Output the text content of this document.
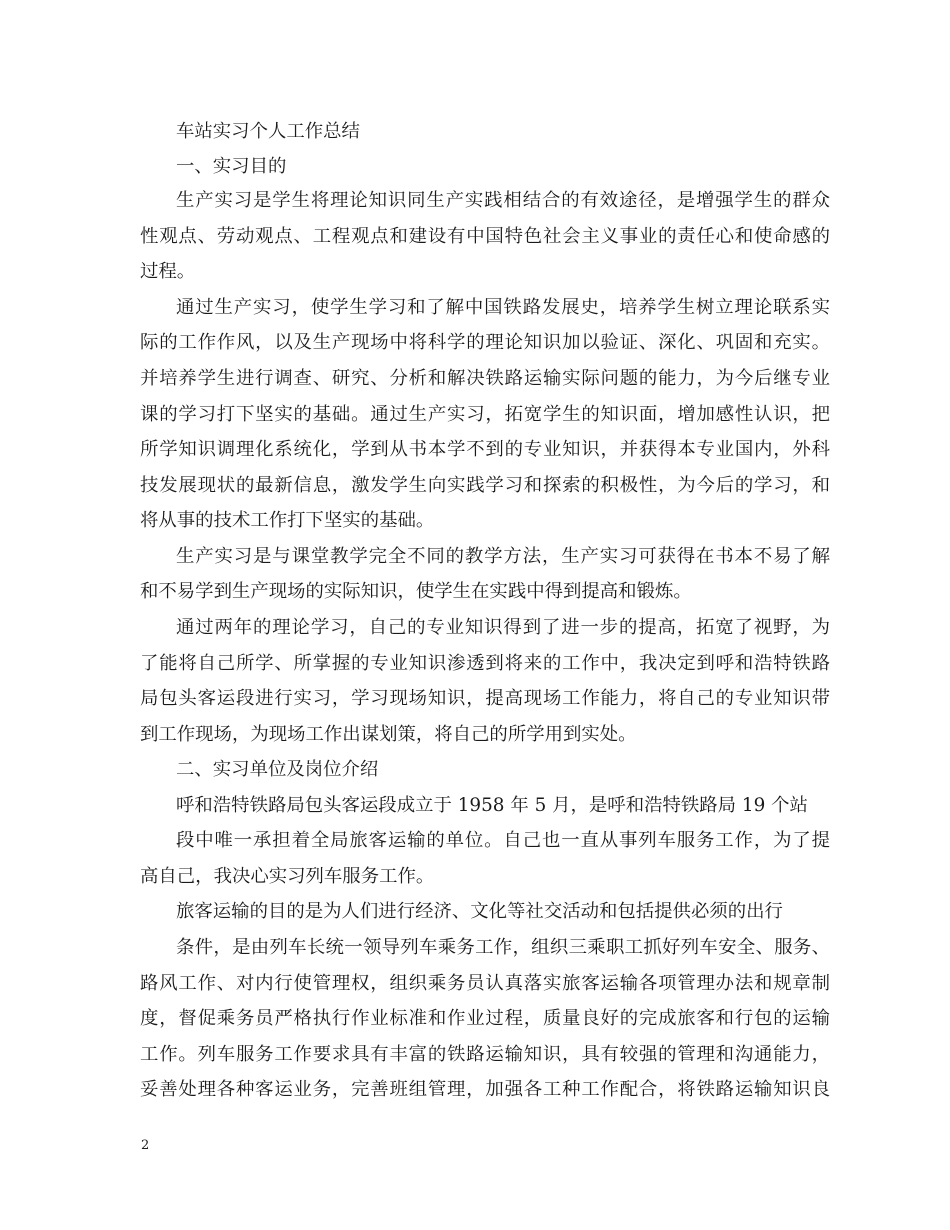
车站实习个人工作总结
一、实习目的
生产实习是学生将理论知识同生产实践相结合的有效途径，是增强学生的群众
性观点、劳动观点、工程观点和建设有中国特色社会主义事业的责任心和使命感的
过程。
通过生产实习，使学生学习和了解中国铁路发展史，培养学生树立理论联系实
际的工作作风，以及生产现场中将科学的理论知识加以验证、深化、巩固和充实。
并培养学生进行调查、研究、分析和解决铁路运输实际问题的能力，为今后继专业
课的学习打下坚实的基础。通过生产实习，拓宽学生的知识面，增加感性认识，把
所学知识调理化系统化，学到从书本学不到的专业知识，并获得本专业国内，外科
技发展现状的最新信息，激发学生向实践学习和探索的积极性，为今后的学习，和
将从事的技术工作打下坚实的基础。
生产实习是与课堂教学完全不同的教学方法，生产实习可获得在书本不易了解
和不易学到生产现场的实际知识，使学生在实践中得到提高和锻炼。
通过两年的理论学习，自己的专业知识得到了进一步的提高，拓宽了视野，为
了能将自己所学、所掌握的专业知识渗透到将来的工作中，我决定到呼和浩特铁路
局包头客运段进行实习，学习现场知识，提高现场工作能力，将自己的专业知识带
到工作现场，为现场工作出谋划策，将自己的所学用到实处。
二、实习单位及岗位介绍
呼和浩特铁路局包头客运段成立于 1958 年 5 月，是呼和浩特铁路局 19 个站
段中唯一承担着全局旅客运输的单位。自己也一直从事列车服务工作，为了提
高自己，我决心实习列车服务工作。
旅客运输的目的是为人们进行经济、文化等社交活动和包括提供必须的出行
条件，是由列车长统一领导列车乘务工作，组织三乘职工抓好列车安全、服务、
路风工作、对内行使管理权，组织乘务员认真落实旅客运输各项管理办法和规章制
度，督促乘务员严格执行作业标准和作业过程，质量良好的完成旅客和行包的运输
工作。列车服务工作要求具有丰富的铁路运输知识，具有较强的管理和沟通能力，
妥善处理各种客运业务，完善班组管理，加强各工种工作配合，将铁路运输知识良
2
